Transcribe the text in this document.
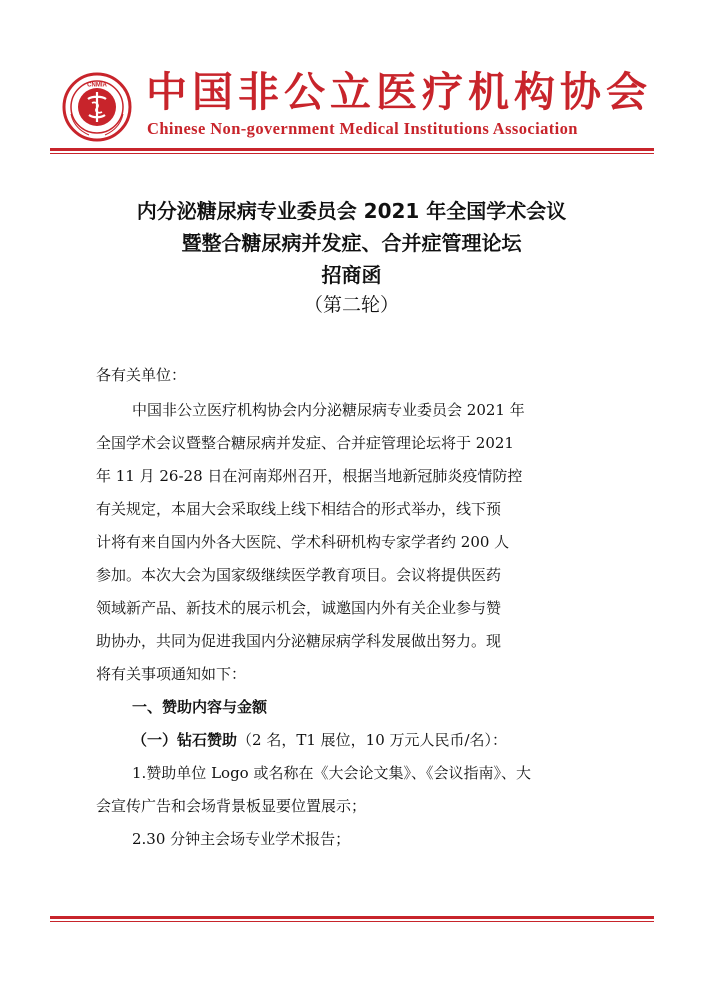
CNMIA 中国非公立医疗机构协会
Chinese Non-government Medical Institutions Association
内分泌糖尿病专业委员会 2021 年全国学术会议
暨整合糖尿病并发症、合并症管理论坛
招商函
（第二轮）
各有关单位：
中国非公立医疗机构协会内分泌糖尿病专业委员会 2021 年
全国学术会议暨整合糖尿病并发症、合并症管理论坛将于 2021
年 11 月 26-28 日在河南郑州召开，根据当地新冠肺炎疫情防控
有关规定，本届大会采取线上线下相结合的形式举办，线下预
计将有来自国内外各大医院、学术科研机构专家学者约 200 人
参加。本次大会为国家级继续医学教育项目。会议将提供医药
领域新产品、新技术的展示机会，诚邀国内外有关企业参与赞
助协办，共同为促进我国内分泌糖尿病学科发展做出努力。现
将有关事项通知如下：
一、赞助内容与金额
（一）钻石赞助（2 名，T1 展位，10 万元人民币/名）：
1.赞助单位 Logo 或名称在《大会论文集》、《会议指南》、大
会宣传广告和会场背景板显要位置展示；
2.30 分钟主会场专业学术报告；
